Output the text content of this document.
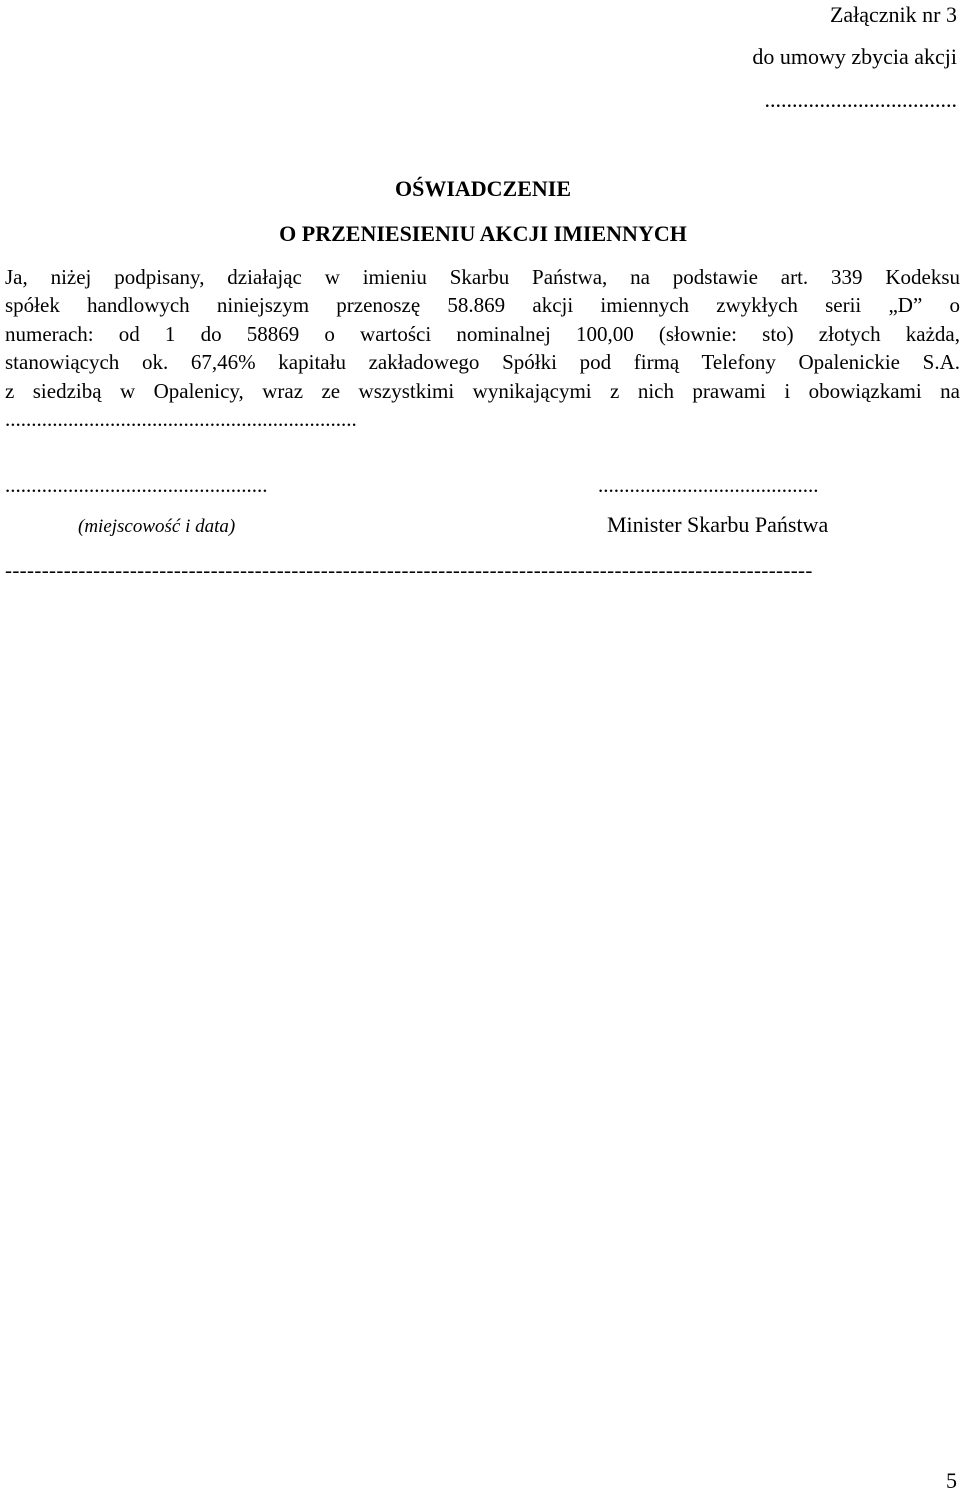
Załącznik nr 3
do umowy zbycia akcji
...................................
OŚWIADCZENIE
O PRZENIESIENIU AKCJI IMIENNYCH
Ja, niżej podpisany, działając w imieniu Skarbu Państwa, na podstawie art. 339 Kodeksu
spółek handlowych niniejszym przenoszę 58.869 akcji imiennych zwykłych serii „D” o
numerach: od 1 do 58869 o wartości nominalnej 100,00 (słownie: sto) złotych każda,
stanowiących ok. 67,46% kapitału zakładowego Spółki pod firmą Telefony Opalenickie S.A.
z siedzibą w Opalenicy, wraz ze wszystkimi wynikającymi z nich prawami i obowiązkami na
...................................................................
..................................................	..........................................
(miejscowość i data)	Minister Skarbu Państwa
--------------------------------------------------------------------------------------------------------------
5
